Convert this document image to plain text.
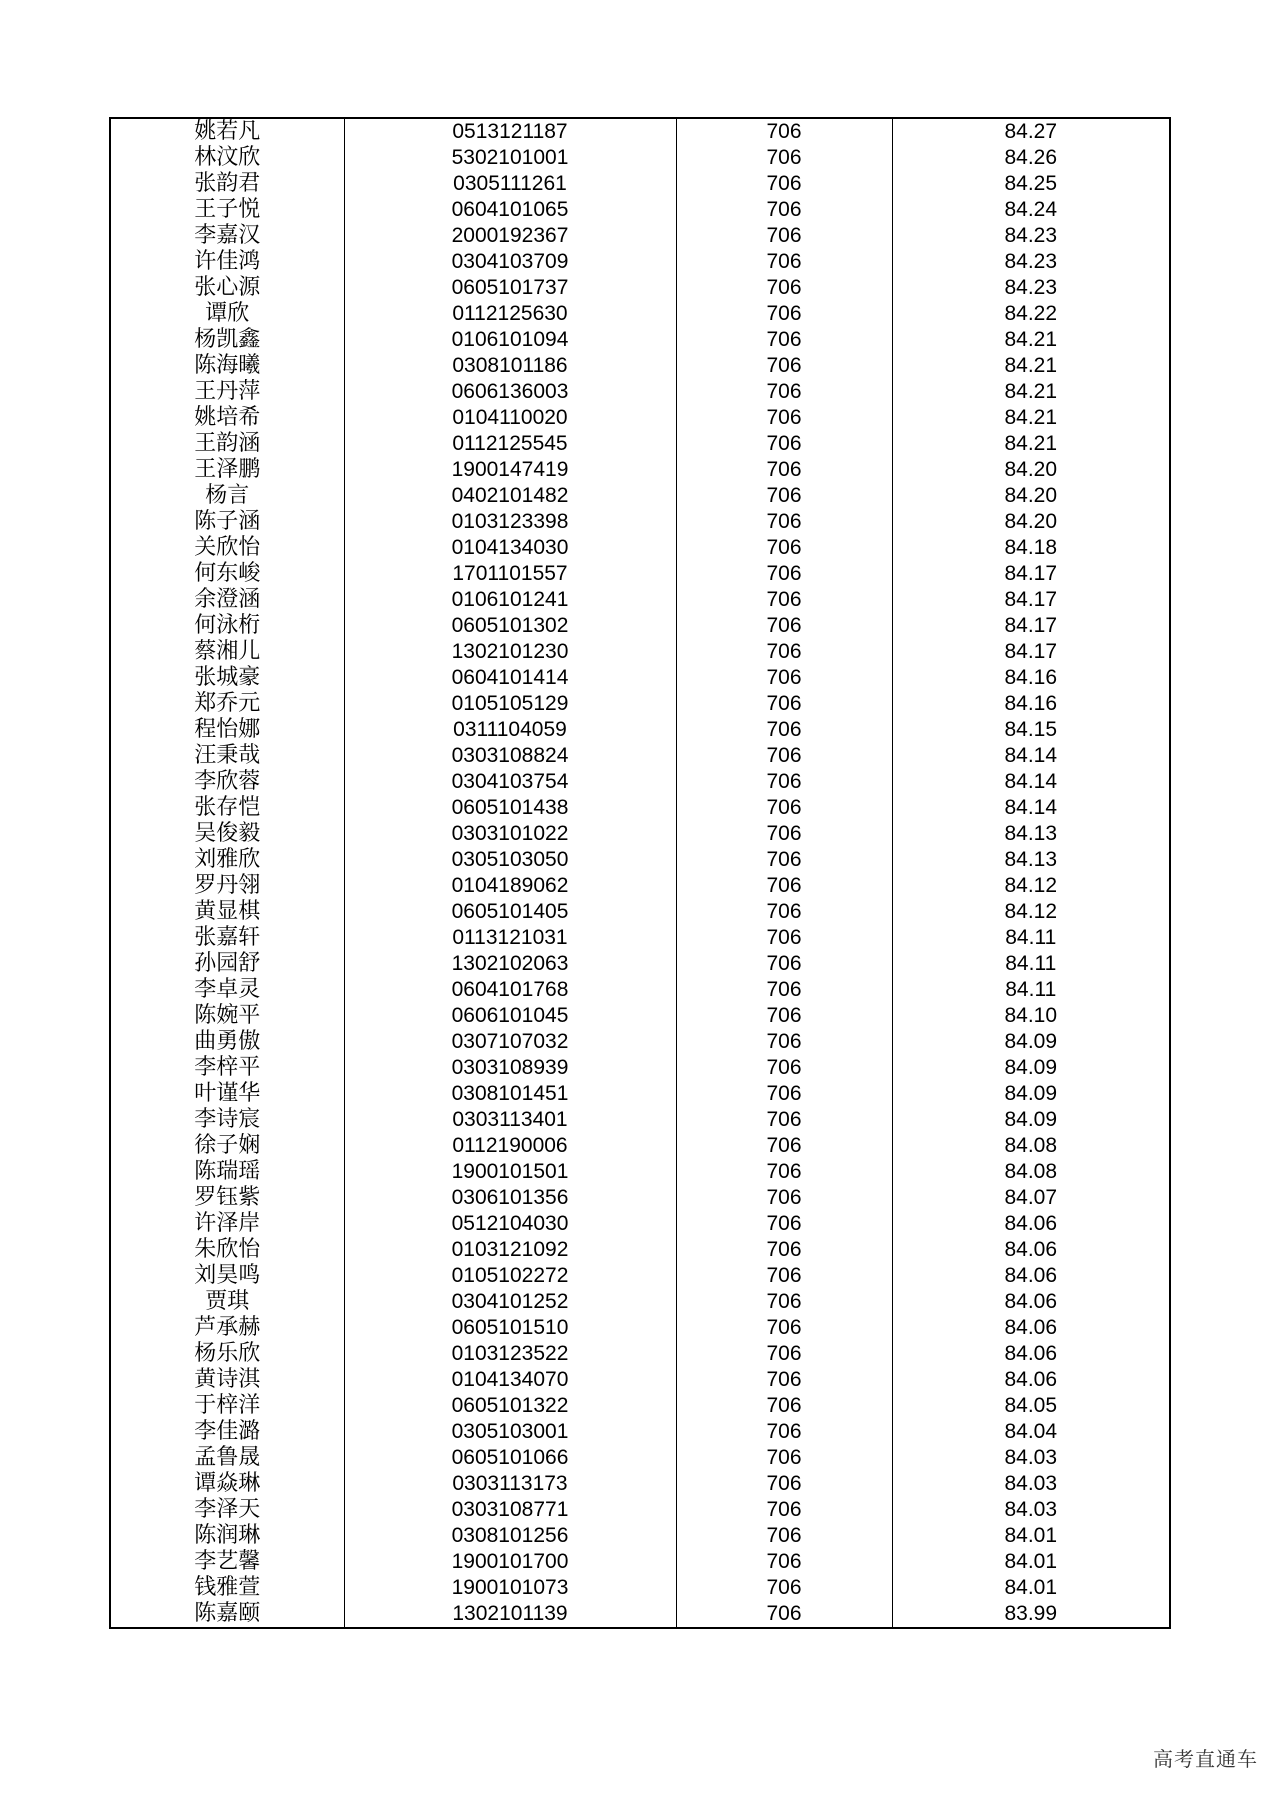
姚若凡	0513121187	706	84.27
林汶欣	5302101001	706	84.26
张韵君	0305111261	706	84.25
王子悦	0604101065	706	84.24
李嘉汉	2000192367	706	84.23
许佳鸿	0304103709	706	84.23
张心源	0605101737	706	84.23
谭欣	0112125630	706	84.22
杨凯鑫	0106101094	706	84.21
陈海曦	0308101186	706	84.21
王丹萍	0606136003	706	84.21
姚培希	0104110020	706	84.21
王韵涵	0112125545	706	84.21
王泽鹏	1900147419	706	84.20
杨言	0402101482	706	84.20
陈子涵	0103123398	706	84.20
关欣怡	0104134030	706	84.18
何东峻	1701101557	706	84.17
余澄涵	0106101241	706	84.17
何泳桁	0605101302	706	84.17
蔡湘儿	1302101230	706	84.17
张城豪	0604101414	706	84.16
郑乔元	0105105129	706	84.16
程怡娜	0311104059	706	84.15
汪秉哉	0303108824	706	84.14
李欣蓉	0304103754	706	84.14
张存恺	0605101438	706	84.14
吴俊毅	0303101022	706	84.13
刘雅欣	0305103050	706	84.13
罗丹翎	0104189062	706	84.12
黄显棋	0605101405	706	84.12
张嘉轩	0113121031	706	84.11
孙园舒	1302102063	706	84.11
李卓灵	0604101768	706	84.11
陈婉平	0606101045	706	84.10
曲勇傲	0307107032	706	84.09
李梓平	0303108939	706	84.09
叶谨华	0308101451	706	84.09
李诗宸	0303113401	706	84.09
徐子娴	0112190006	706	84.08
陈瑞瑶	1900101501	706	84.08
罗钰紫	0306101356	706	84.07
许泽岸	0512104030	706	84.06
朱欣怡	0103121092	706	84.06
刘昊鸣	0105102272	706	84.06
贾琪	0304101252	706	84.06
芦承赫	0605101510	706	84.06
杨乐欣	0103123522	706	84.06
黄诗淇	0104134070	706	84.06
于梓洋	0605101322	706	84.05
李佳潞	0305103001	706	84.04
孟鲁晟	0605101066	706	84.03
谭焱琳	0303113173	706	84.03
李泽天	0303108771	706	84.03
陈润琳	0308101256	706	84.01
李艺馨	1900101700	706	84.01
钱雅萱	1900101073	706	84.01
陈嘉颐	1302101139	706	83.99
高考直通车
